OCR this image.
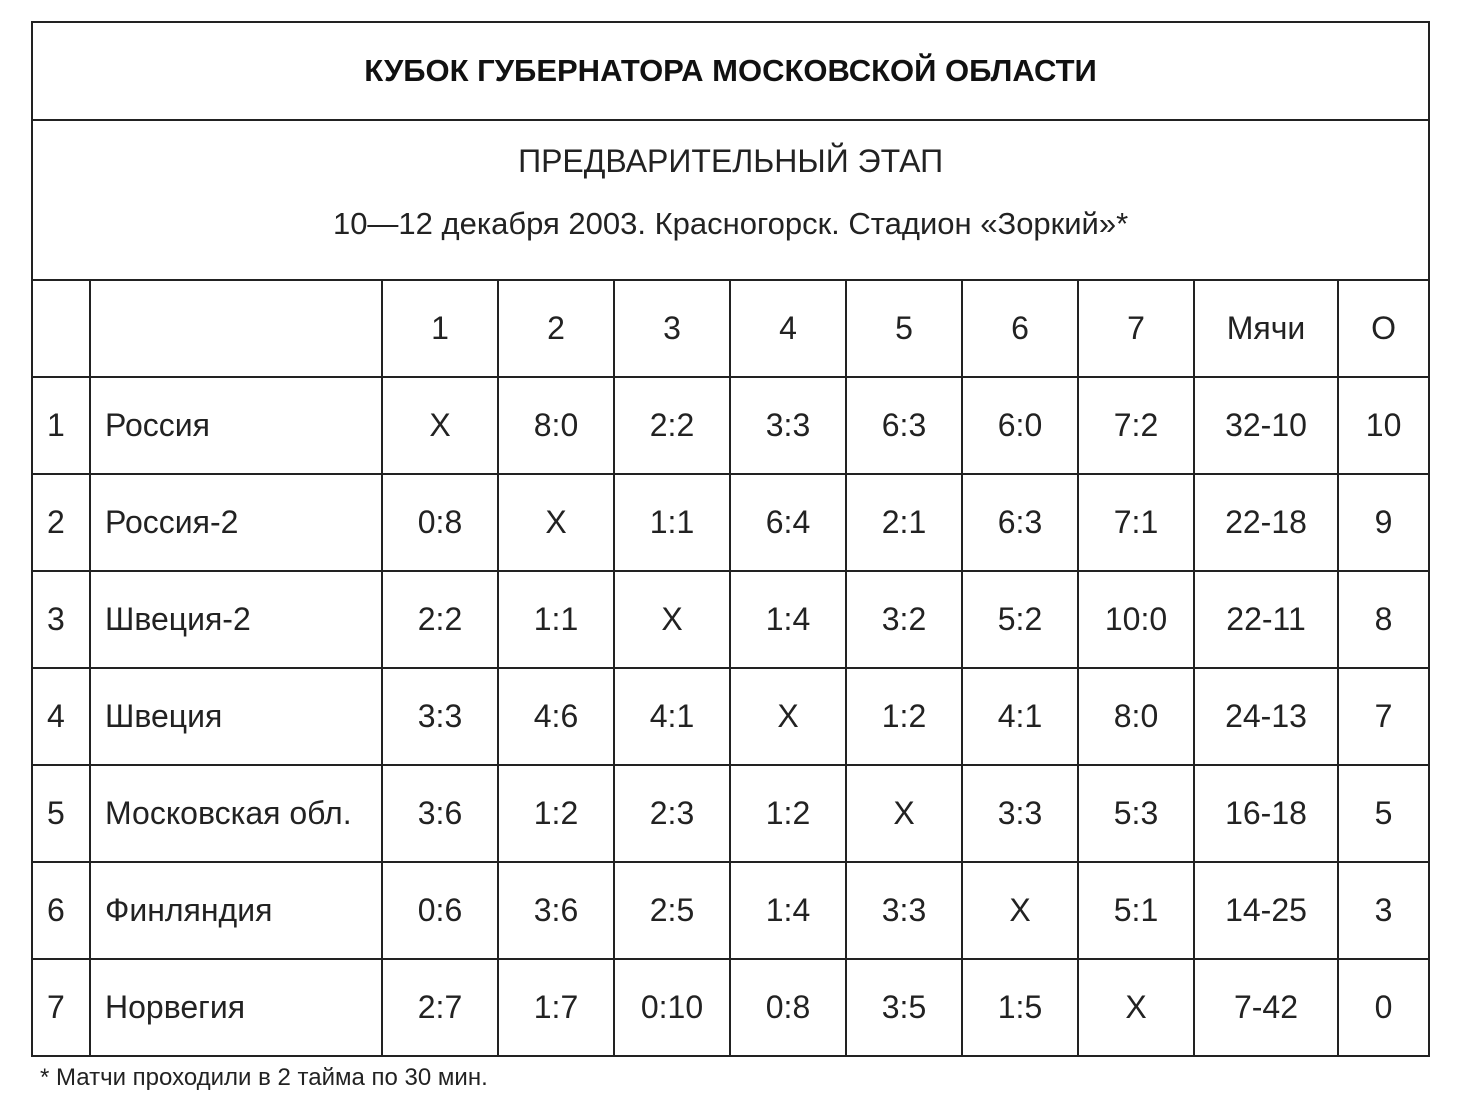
КУБОК ГУБЕРНАТОРА МОСКОВСКОЙ ОБЛАСТИ										

ПРЕДВАРИТЕЛЬНЫЙ ЭТАП
10—12 декабря 2003. Красногорск. Стадион «Зоркий»*										

		1	2	3	4	5	6	7	Мячи	О
1	Россия	X	8:0	2:2	3:3	6:3	6:0	7:2	32-10	10
2	Россия-2	0:8	X	1:1	6:4	2:1	6:3	7:1	22-18	9
3	Швеция-2	2:2	1:1	X	1:4	3:2	5:2	10:0	22-11	8
4	Швеция	3:3	4:6	4:1	X	1:2	4:1	8:0	24-13	7
5	Московская обл.	3:6	1:2	2:3	1:2	X	3:3	5:3	16-18	5
6	Финляндия	0:6	3:6	2:5	1:4	3:3	X	5:1	14-25	3
7	Норвегия	2:7	1:7	0:10	0:8	3:5	1:5	X	7-42	0
* Матчи проходили в 2 тайма по 30 мин.
